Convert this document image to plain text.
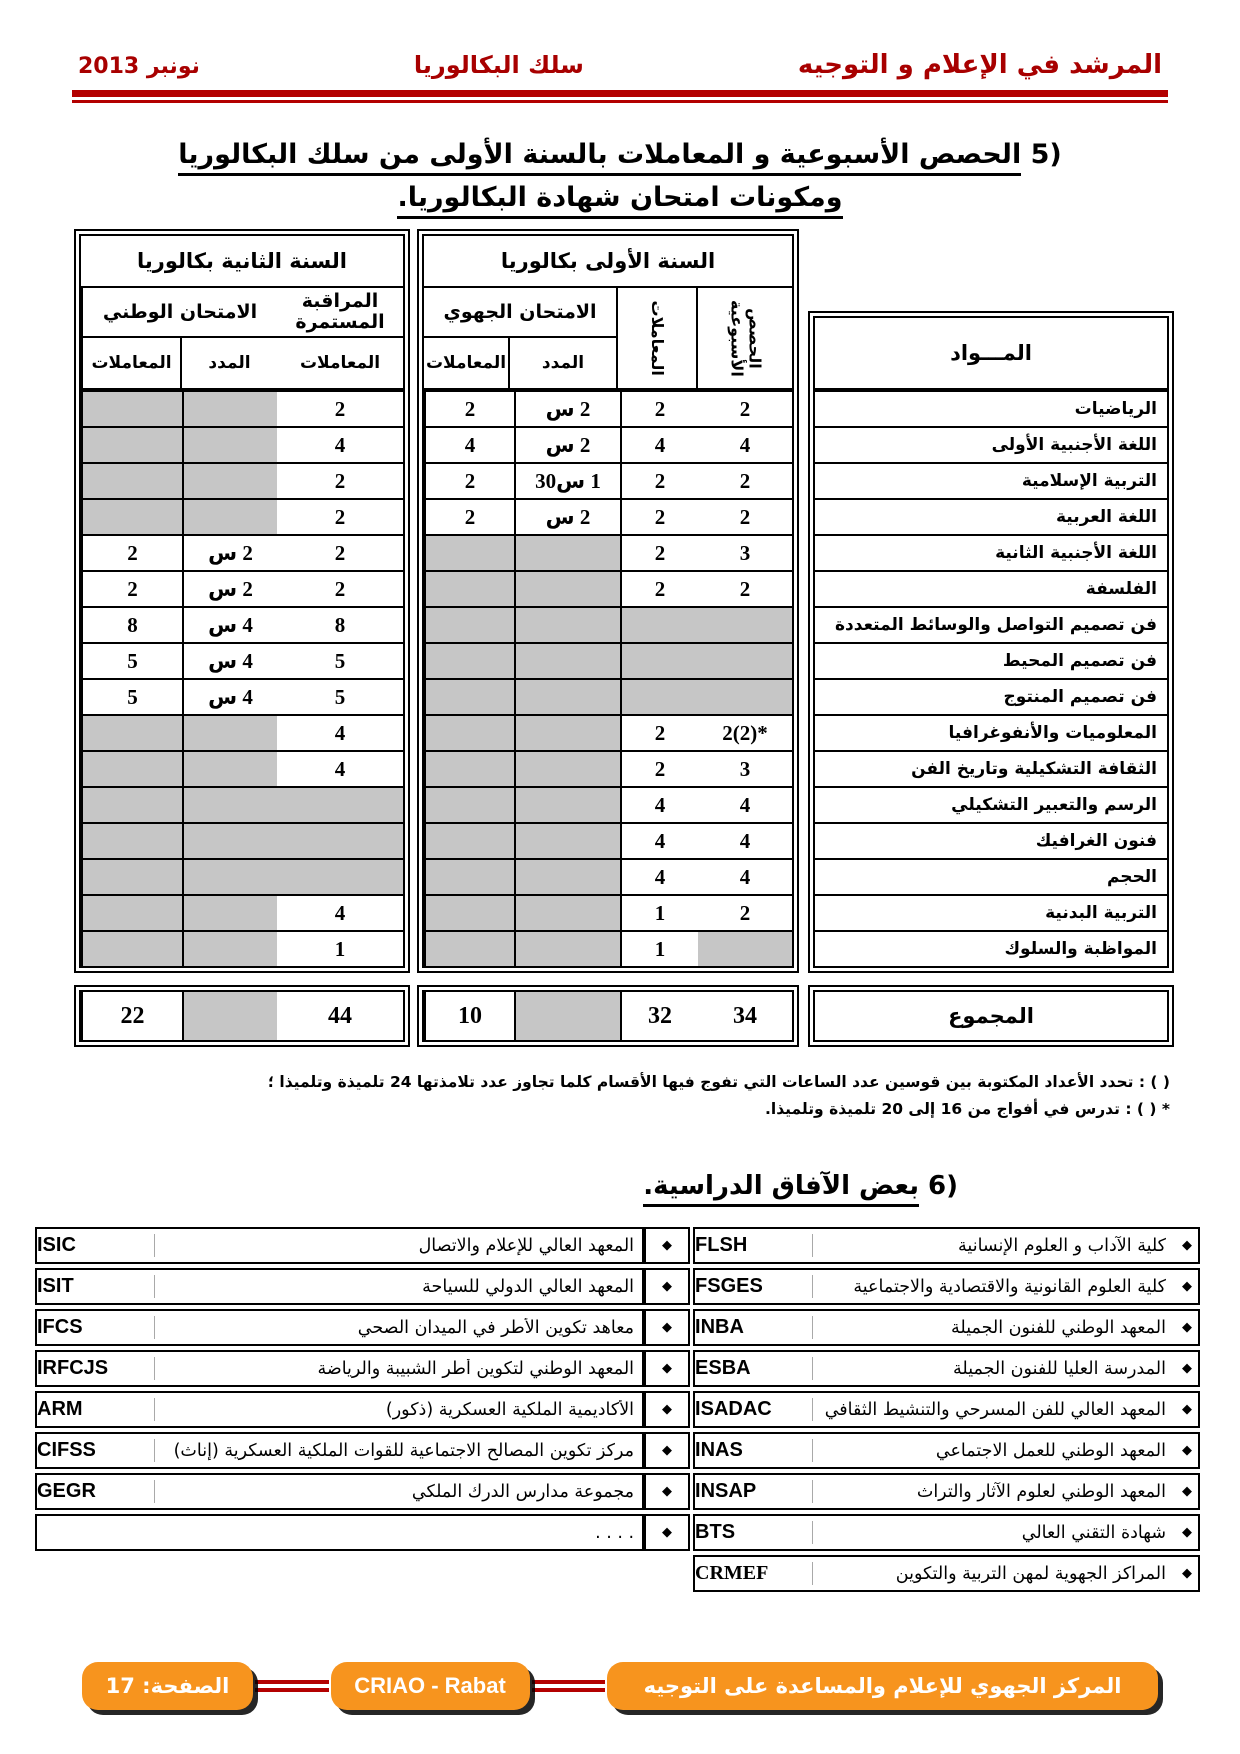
المرشد في الإعلام و التوجيه
سلك البكالوريا
نونبر 2013
5) الحصص الأسبوعية و المعاملات بالسنة الأولى من سلك البكالوريا
ومكونات امتحان شهادة البكالوريا.
المـــواد
الرياضيات
اللغة الأجنبية الأولى
التربية الإسلامية
اللغة العربية
اللغة الأجنبية الثانية
الفلسفة
فن تصميم التواصل والوسائط المتعددة
فن تصميم المحيط
فن تصميم المنتوج
المعلوميات والأنفوغرافيا
الثقافة التشكيلية وتاريخ الفن
الرسم والتعبير التشكيلي
فنون الغرافيك
الحجم
التربية البدنية
المواظبة والسلوك
السنة الأولى بكالوريا
الحصص الأسبوعية
المعاملات
الامتحان الجهوي
المدد
المعاملات
2
2
2 س
2
4
4
2 س
4
2
2
1 س30
2
2
2
2 س
2
3
2
2
2
2(2)*
2
3
2
4
4
4
4
4
4
2
1
1
السنة الثانية بكالوريا
المراقبة المستمرة
المعاملات
الامتحان الوطني
المدد
المعاملات
2
4
2
2
2
2 س
2
2
2 س
2
8
4 س
8
5
4 س
5
5
4 س
5
4
4
4
1
المجموع
34
32
10
44
22
( ) : تحدد الأعداد المكتوبة بين قوسين عدد الساعات التي تفوج فيها الأقسام كلما تجاوز عدد تلامذتها 24 تلميذة وتلميذا ؛
* ( ) : تدرس في أفواج من 16 إلى 20 تلميذة وتلميذا.
6) بعض الآفاق الدراسية.
◆
كلية الآداب و العلوم الإنسانية
FLSH
◆
كلية العلوم القانونية والاقتصادية والاجتماعية
FSGES
◆
المعهد الوطني للفنون الجميلة
INBA
◆
المدرسة العليا للفنون الجميلة
ESBA
◆
المعهد العالي للفن المسرحي والتنشيط الثقافي
ISADAC
◆
المعهد الوطني للعمل الاجتماعي
INAS
◆
المعهد الوطني لعلوم الآثار والتراث
INSAP
◆
شهادة التقني العالي
BTS
◆
المراكز الجهوية لمهن التربية والتكوين
CRMEF
◆
المعهد العالي للإعلام والاتصال
ISIC
◆
المعهد العالي الدولي للسياحة
ISIT
◆
معاهد تكوين الأطر في الميدان الصحي
IFCS
◆
المعهد الوطني لتكوين أطر الشبيبة والرياضة
IRFCJS
◆
الأكاديمية الملكية العسكرية (ذكور)
ARM
◆
مركز تكوين المصالح الاجتماعية للقوات الملكية العسكرية (إناث)
CIFSS
◆
مجموعة مدارس الدرك الملكي
GEGR
◆
. . . .
المركز الجهوي للإعلام والمساعدة على التوجيه
CRIAO - Rabat
الصفحة: 17
